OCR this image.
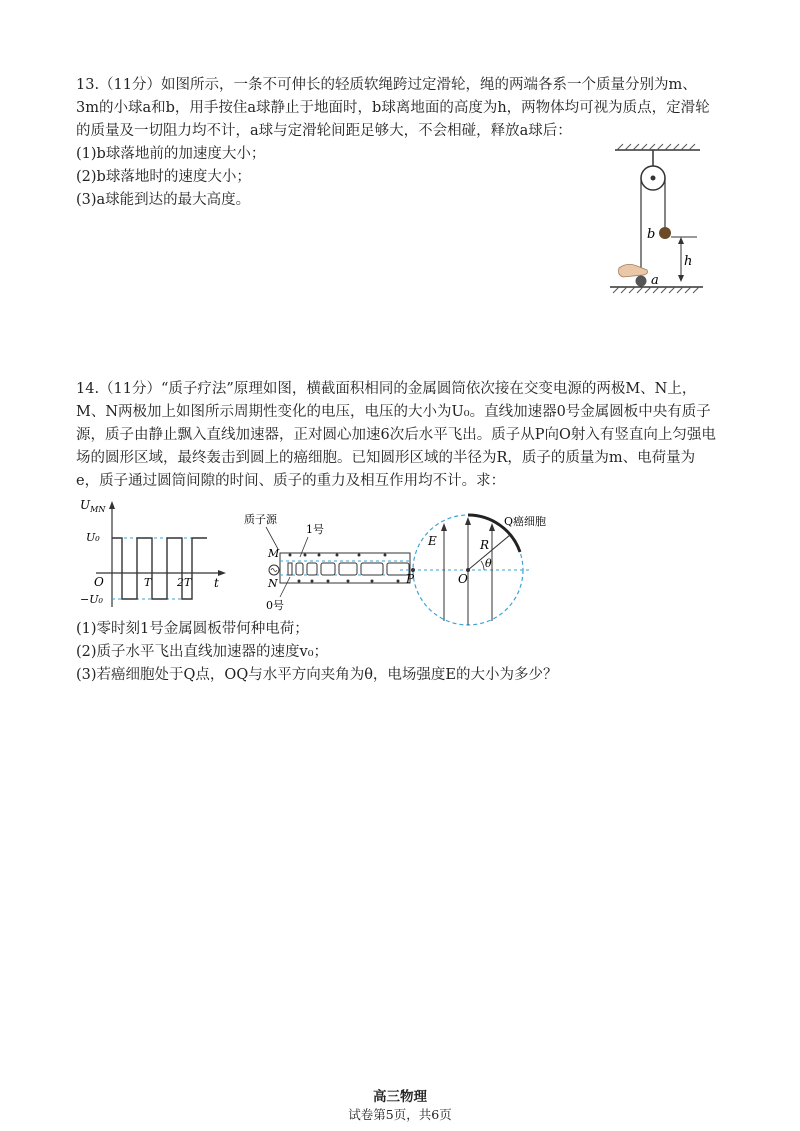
13.（11分）如图所示，一条不可伸长的轻质软绳跨过定滑轮，绳的两端各系一个质量分别为m、3m的小球a和b，用手按住a球静止于地面时，b球离地面的高度为h，两物体均可视为质点，定滑轮的质量及一切阻力均不计，a球与定滑轮间距足够大，不会相碰，释放a球后：

(1)b球落地前的加速度大小；

(2)b球落地时的速度大小；

(3)a球能到达的最大高度。

b
h
a

14.（11分）“质子疗法”原理如图，横截面积相同的金属圆筒依次接在交变电源的两极M、N上，M、N两极加上如图所示周期性变化的电压，电压的大小为U₀。直线加速器0号金属圆板中央有质子源，质子由静止飘入直线加速器，正对圆心加速6次后水平飞出。质子从P向O射入有竖直向上匀强电场的圆形区域，最终轰击到圆上的癌细胞。已知圆形区域的半径为R，质子的质量为m、电荷量为e，质子通过圆筒间隙的时间、质子的重力及相互作用均不计。求：

$U_{MN}$
t
O
U₀
−U₀
T 2T
质子源
1号
M
N
0号
P	O
E	R
θ
Q癌细胞

(1)零时刻1号金属圆板带何种电荷；

(2)质子水平飞出直线加速器的速度v₀；

(3)若癌细胞处于Q点，OQ与水平方向夹角为θ，电场强度E的大小为多少？

高三物理
试卷第5页，共6页
